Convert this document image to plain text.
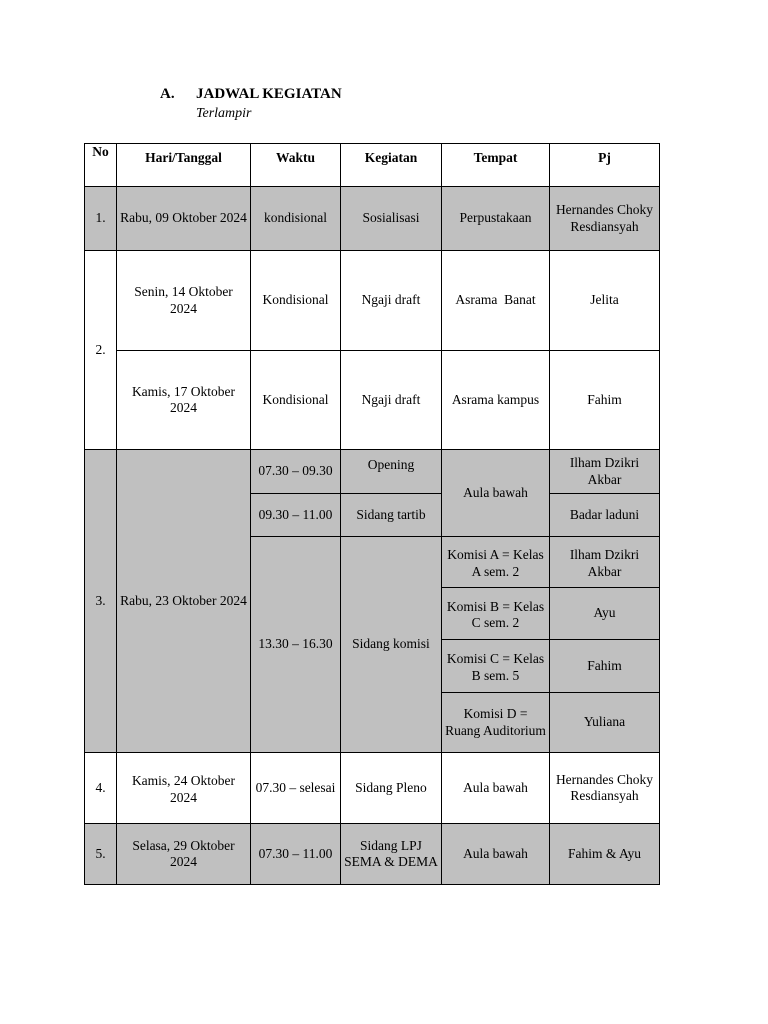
A. JADWAL KEGIATAN
Terlampir
No	Hari/Tanggal	Waktu	Kegiatan	Tempat	Pj
1.	Rabu, 09 Oktober 2024	kondisional	Sosialisasi	Perpustakaan	Hernandes Choky Resdiansyah
2.	Senin, 14 Oktober 2024	Kondisional	Ngaji draft	Asrama  Banat	Jelita
	Kamis, 17 Oktober 2024	Kondisional	Ngaji draft	Asrama kampus	Fahim
3.	Rabu, 23 Oktober 2024	07.30 – 09.30	Opening	Aula bawah	Ilham Dzikri Akbar
		09.30 – 11.00	Sidang tartib		Badar laduni
		13.30 – 16.30	Sidang komisi	Komisi A = Kelas A sem. 2	Ilham Dzikri Akbar
				Komisi B = Kelas C sem. 2	Ayu
				Komisi C = Kelas B sem. 5	Fahim
				Komisi D = Ruang Auditorium	Yuliana
4.	Kamis, 24 Oktober 2024	07.30 – selesai	Sidang Pleno	Aula bawah	Hernandes Choky Resdiansyah
5.	Selasa, 29 Oktober 2024	07.30 – 11.00	Sidang LPJ SEMA & DEMA	Aula bawah	Fahim & Ayu
